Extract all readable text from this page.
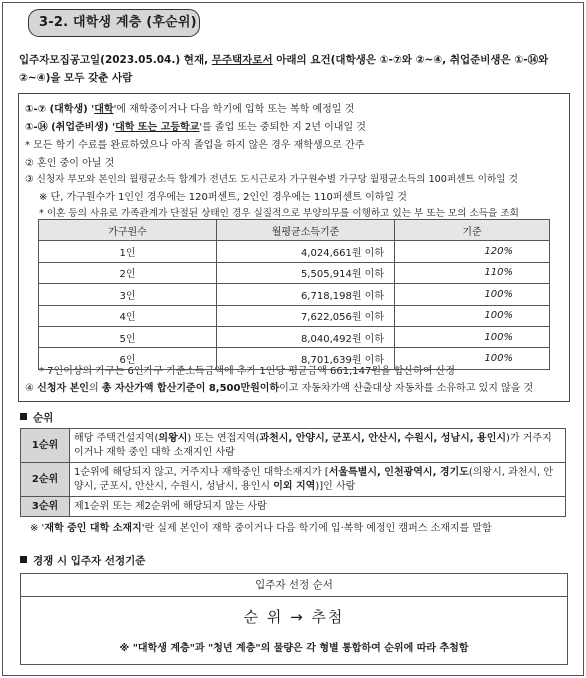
3-2. 대학생 계층 (후순위)
입주자모집공고일(2023.05.04.) 현재, 무주택자로서 아래의 요건(대학생은 ①-⑦와 ②~④, 취업준비생은 ①-⑭와
②~④)을 모두 갖춘 사람
①-⑦ (대학생) '대학'에 재학중이거나 다음 학기에 입학 또는 복학 예정일 것
①-⑭ (취업준비생) '대학 또는 고등학교'를 졸업 또는 중퇴한 지 2년 이내일 것
* 모든 학기 수료를 완료하였으나 아직 졸업을 하지 않은 경우 재학생으로 간주
② 혼인 중이 아닐 것
③ 신청자 부모와 본인의 월평균소득 합계가 전년도 도시근로자 가구원수별 가구당 월평균소득의 100퍼센트 이하일 것
※ 단, 가구원수가 1인인 경우에는 120퍼센트, 2인인 경우에는 110퍼센트 이하일 것
* 이혼 등의 사유로 가족관계가 단절된 상태인 경우 실질적으로 부양의무를 이행하고 있는 부 또는 모의 소득을 조회
* 7인이상의 가구는 6인가구 기준소득금액에 추가 1인당 평균금액 661,147원을 합산하여 산정
④ 신청자 본인의 총 자산가액 합산기준이 8,500만원이하이고 자동차가액 산출대상 자동차를 소유하고 있지 않을 것
가구원수	월평균소득기준	기준
1인	4,024,661원 이하	120%
2인	5,505,914원 이하	110%
3인	6,718,198원 이하	100%
4인	7,622,056원 이하	100%
5인	8,040,492원 이하	100%
6인	8,701,639원 이하	100%
순위
1순위	해당 주택건설지역(의왕시) 또는 연접지역(과천시, 안양시, 군포시, 안산시, 수원시, 성남시, 용인시)가 거주지이거나 재학 중인 대학 소재지인 사람
2순위	1순위에 해당되지 않고, 거주지나 재학중인 대학소재지가 [서울특별시, 인천광역시, 경기도(의왕시, 과천시, 안양시, 군포시, 안산시, 수원시, 성남시, 용인시 이외 지역)]인 사람
3순위	제1순위 또는 제2순위에 해당되지 않는 사람
※ '재학 중인 대학 소재지'란 실제 본인이 재학 중이거나 다음 학기에 입·복학 예정인 캠퍼스 소재지를 말함
경쟁 시 입주자 선정기준
입주자 선정 순서
순 위 → 추첨
※ "대학생 계층"과 "청년 계층"의 물량은 각 형별 통합하여 순위에 따라 추첨함
